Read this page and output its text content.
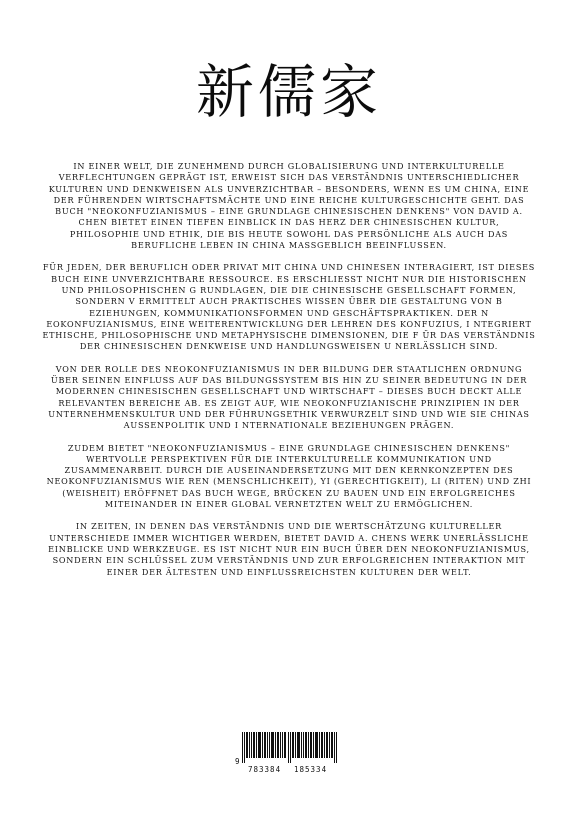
新儒家

IN EINER WELT, DIE ZUNEHMEND DURCH GLOBALISIERUNG UND INTERKULTURELLE VERFLECHTUNGEN GEPRÄGT IST, ERWEIST SICH DAS VERSTÄNDNIS UNTERSCHIEDLICHER KULTUREN UND DENKWEISEN ALS UNVERZICHTBAR – BESONDERS, WENN ES UM CHINA, EINE DER FÜHRENDEN WIRTSCHAFTSMÄCHTE UND EINE REICHE KULTURGESCHICHTE GEHT. DAS BUCH "NEOKONFUZIANISMUS – EINE GRUNDLAGE CHINESISCHEN DENKENS" VON DAVID A. CHEN BIETET EINEN TIEFEN EINBLICK IN DAS HERZ DER CHINESISCHEN KULTUR, PHILOSOPHIE UND ETHIK, DIE BIS HEUTE SOWOHL DAS PERSÖNLICHE ALS AUCH DAS BERUFLICHE LEBEN IN CHINA MASSGEBLICH BEEINFLUSSEN.

FÜR JEDEN, DER BERUFLICH ODER PRIVAT MIT CHINA UND CHINESEN INTERAGIERT, IST DIESES BUCH EINE UNVERZICHTBARE RESSOURCE. ES ERSCHLIESST NICHT NUR DIE HISTORISCHEN UND PHILOSOPHISCHEN G RUNDLAGEN, DIE DIE CHINESISCHE GESELLSCHAFT FORMEN, SONDERN V ERMITTELT AUCH PRAKTISCHES WISSEN ÜBER DIE GESTALTUNG VON B EZIEHUNGEN, KOMMUNIKATIONSFORMEN UND GESCHÄFTSPRAKTIKEN. DER N EOKONFUZIANISMUS, EINE WEITERENTWICKLUNG DER LEHREN DES KONFUZIUS, I NTEGRIERT ETHISCHE, PHILOSOPHISCHE UND METAPHYSISCHE DIMENSIONEN, DIE F ÜR DAS VERSTÄNDNIS DER CHINESISCHEN DENKWEISE UND HANDLUNGSWEISEN U NERLÄSSLICH SIND.

VON DER ROLLE DES NEOKONFUZIANISMUS IN DER BILDUNG DER STAATLICHEN ORDNUNG ÜBER SEINEN EINFLUSS AUF DAS BILDUNGSSYSTEM BIS HIN ZU SEINER BEDEUTUNG IN DER MODERNEN CHINESISCHEN GESELLSCHAFT UND WIRTSCHAFT – DIESES BUCH DECKT ALLE RELEVANTEN BEREICHE AB. ES ZEIGT AUF, WIE NEOKONFUZIANISCHE PRINZIPIEN IN DER UNTERNEHMENSKULTUR UND DER FÜHRUNGSETHIK VERWURZELT SIND UND WIE SIE CHINAS AUSSENPOLITIK UND I NTERNATIONALE BEZIEHUNGEN PRÄGEN.

ZUDEM BIETET "NEOKONFUZIANISMUS – EINE GRUNDLAGE CHINESISCHEN DENKENS" WERTVOLLE PERSPEKTIVEN FÜR DIE INTERKULTURELLE KOMMUNIKATION UND ZUSAMMENARBEIT. DURCH DIE AUSEINANDERSETZUNG MIT DEN KERNKONZEPTEN DES NEOKONFUZIANISMUS WIE REN (MENSCHLICHKEIT), YI (GERECHTIGKEIT), LI (RITEN) UND ZHI (WEISHEIT) ERÖFFNET DAS BUCH WEGE, BRÜCKEN ZU BAUEN UND EIN ERFOLGREICHES MITEINANDER IN EINER GLOBAL VERNETZTEN WELT ZU ERMÖGLICHEN.

IN ZEITEN, IN DENEN DAS VERSTÄNDNIS UND DIE WERTSCHÄTZUNG KULTURELLER UNTERSCHIEDE IMMER WICHTIGER WERDEN, BIETET DAVID A. CHENS WERK UNERLÄSSLICHE EINBLICKE UND WERKZEUGE. ES IST NICHT NUR EIN BUCH ÜBER DEN NEOKONFUZIANISMUS, SONDERN EIN SCHLÜSSEL ZUM VERSTÄNDNIS UND ZUR ERFOLGREICHEN INTERAKTION MIT EINER DER ÄLTESTEN UND EINFLUSSREICHSTEN KULTUREN DER WELT.

9
783384 185334
